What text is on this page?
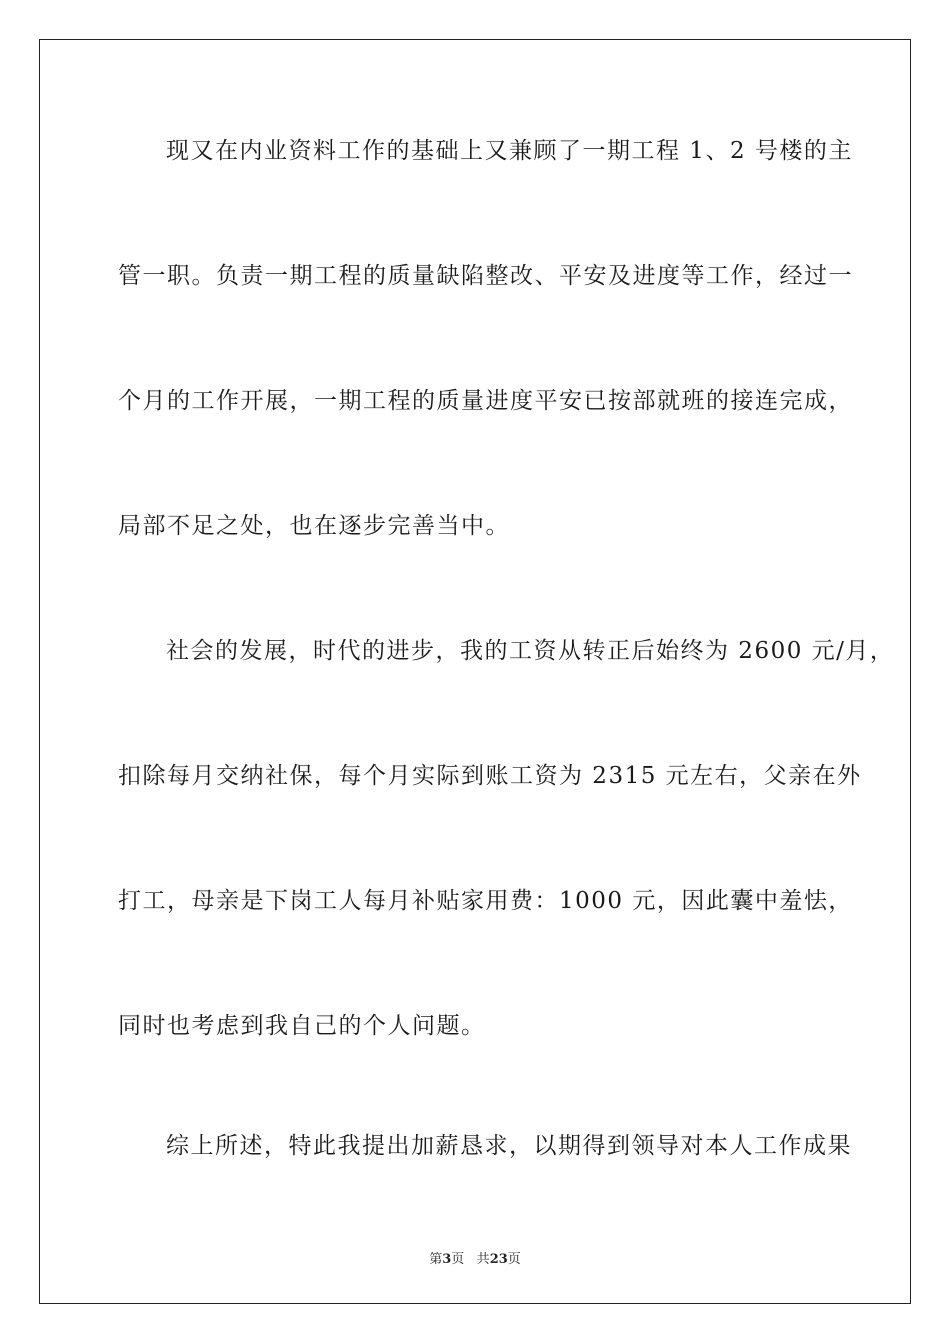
现又在内业资料工作的基础上又兼顾了一期工程 1、2 号楼的主
管一职。负责一期工程的质量缺陷整改、平安及进度等工作，经过一
个月的工作开展，一期工程的质量进度平安已按部就班的接连完成，
局部不足之处，也在逐步完善当中。
社会的发展，时代的进步，我的工资从转正后始终为 2600 元/月，
扣除每月交纳社保，每个月实际到账工资为 2315 元左右，父亲在外
打工，母亲是下岗工人每月补贴家用费：1000 元，因此囊中羞怯，
同时也考虑到我自己的个人问题。
综上所述，特此我提出加薪恳求，以期得到领导对本人工作成果
第3页 共23页
